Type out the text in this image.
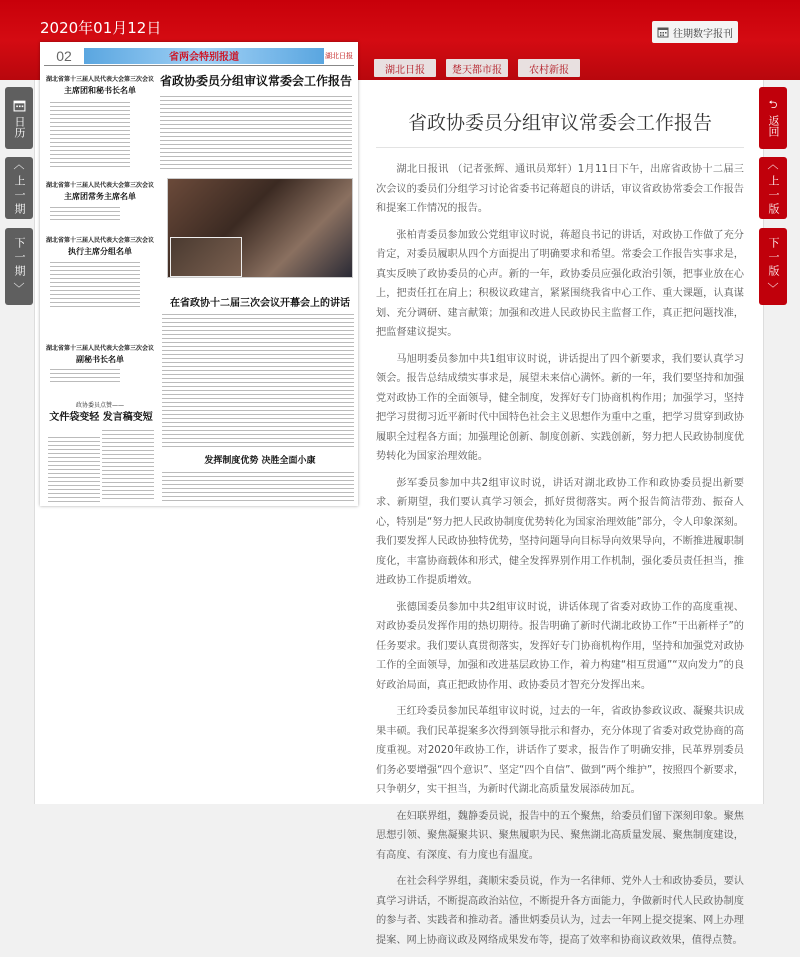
2020年01月12日	往期数字报刊
湖北日报	楚天都市报	农村新报
02	省两会特别报道	湖北日报
省政协委员分组审议常委会工作报告
湖北省第十三届人民代表大会第三次会议
主席团和秘书长名单
湖北省第十三届人民代表大会第三次会议
主席团常务主席名单
湖北省第十三届人民代表大会第三次会议
执行主席分组名单
湖北省第十三届人民代表大会第三次会议
副秘书长名单
政协委员点赞——
文件袋变轻 发言稿变短
在省政协十二届三次会议开幕会上的讲话
发挥制度优势 决胜全面小康
日历
︿
上一期
下一期
﹀
⮌
返回
︿
上一版
下一版
﹀
省政协委员分组审议常委会工作报告

湖北日报讯 （记者张辉、通讯员郑轩）1月11日下午，出席省政协十二届三次会议的委员们分组学习讨论省委书记蒋超良的讲话，审议省政协常委会工作报告和提案工作情况的报告。

张柏青委员参加致公党组审议时说，蒋超良书记的讲话，对政协工作做了充分肯定，对委员履职从四个方面提出了明确要求和希望。常委会工作报告实事求是，真实反映了政协委员的心声。新的一年，政协委员应强化政治引领，把事业放在心上，把责任扛在肩上；积极议政建言，紧紧围绕我省中心工作、重大课题，认真谋划、充分调研、建言献策；加强和改进人民政协民主监督工作，真正把问题找准，把监督建议提实。

马旭明委员参加中共1组审议时说，讲话提出了四个新要求，我们要认真学习领会。报告总结成绩实事求是，展望未来信心满怀。新的一年，我们要坚持和加强党对政协工作的全面领导，健全制度，发挥好专门协商机构作用；加强学习，坚持把学习贯彻习近平新时代中国特色社会主义思想作为重中之重，把学习贯穿到政协履职全过程各方面；加强理论创新、制度创新、实践创新，努力把人民政协制度优势转化为国家治理效能。

彭军委员参加中共2组审议时说，讲话对湖北政协工作和政协委员提出新要求、新期望，我们要认真学习领会，抓好贯彻落实。两个报告简洁带劲、振奋人心，特别是“努力把人民政协制度优势转化为国家治理效能”部分，令人印象深刻。我们要发挥人民政协独特优势，坚持问题导向目标导向效果导向，不断推进履职制度化，丰富协商载体和形式，健全发挥界别作用工作机制，强化委员责任担当，推进政协工作提质增效。

张德国委员参加中共2组审议时说，讲话体现了省委对政协工作的高度重视、对政协委员发挥作用的热切期待。报告明确了新时代湖北政协工作“干出新样子”的任务要求。我们要认真贯彻落实，发挥好专门协商机构作用，坚持和加强党对政协工作的全面领导，加强和改进基层政协工作，着力构建“相互贯通”“双向发力”的良好政治局面，真正把政协作用、政协委员才智充分发挥出来。

王红玲委员参加民革组审议时说，过去的一年，省政协参政议政、凝聚共识成果丰硕。我们民革提案多次得到领导批示和督办，充分体现了省委对政党协商的高度重视。对2020年政协工作，讲话作了要求，报告作了明确安排，民革界别委员们务必要增强“四个意识”、坚定“四个自信”、做到“两个维护”，按照四个新要求，只争朝夕，实干担当，为新时代湖北高质量发展添砖加瓦。

在妇联界组，魏静委员说，报告中的五个聚焦，给委员们留下深刻印象。聚焦思想引领、聚焦凝聚共识、聚焦履职为民、聚焦湖北高质量发展、聚焦制度建设，有高度、有深度、有力度也有温度。

在社会科学界组，龚顺宋委员说，作为一名律师、党外人士和政协委员，要认真学习讲话，不断提高政治站位，不断提升各方面能力，争做新时代人民政协制度的参与者、实践者和推动者。潘世炳委员认为，过去一年网上提交提案、网上办理提案、网上协商议政及网络成果发布等，提高了效率和协商议政效果，值得点赞。
